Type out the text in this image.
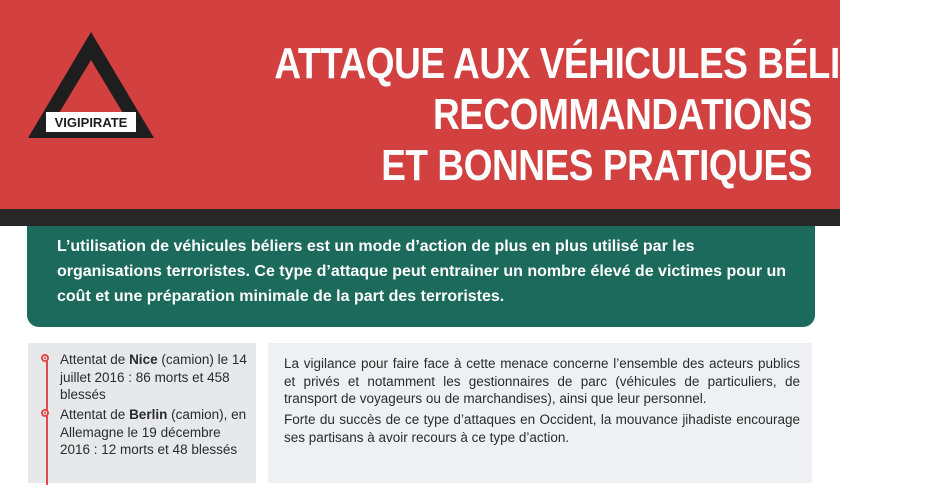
VIGIPIRATE
ATTAQUE AUX VÉHICULES BÉLIERS :
RECOMMANDATIONS
ET BONNES PRATIQUES
L’utilisation de véhicules béliers est un mode d’action de plus en plus utilisé par les organisations terroristes. Ce type d’attaque peut entrainer un nombre élevé de victimes pour un coût et une préparation minimale de la part des terroristes.
Attentat de Nice (camion) le 14 juillet 2016 : 86 morts et 458 blessés
Attentat de Berlin (camion), en Allemagne le 19 décembre 2016 : 12 morts et 48 blessés

La vigilance pour faire face à cette menace concerne l’ensemble des acteurs publics et privés et notamment les gestionnaires de parc (véhicules de particuliers, de transport de voyageurs ou de marchandises), ainsi que leur personnel.

Forte du succès de ce type d’attaques en Occident, la mouvance jihadiste encourage ses partisans à avoir recours à ce type d’action.
